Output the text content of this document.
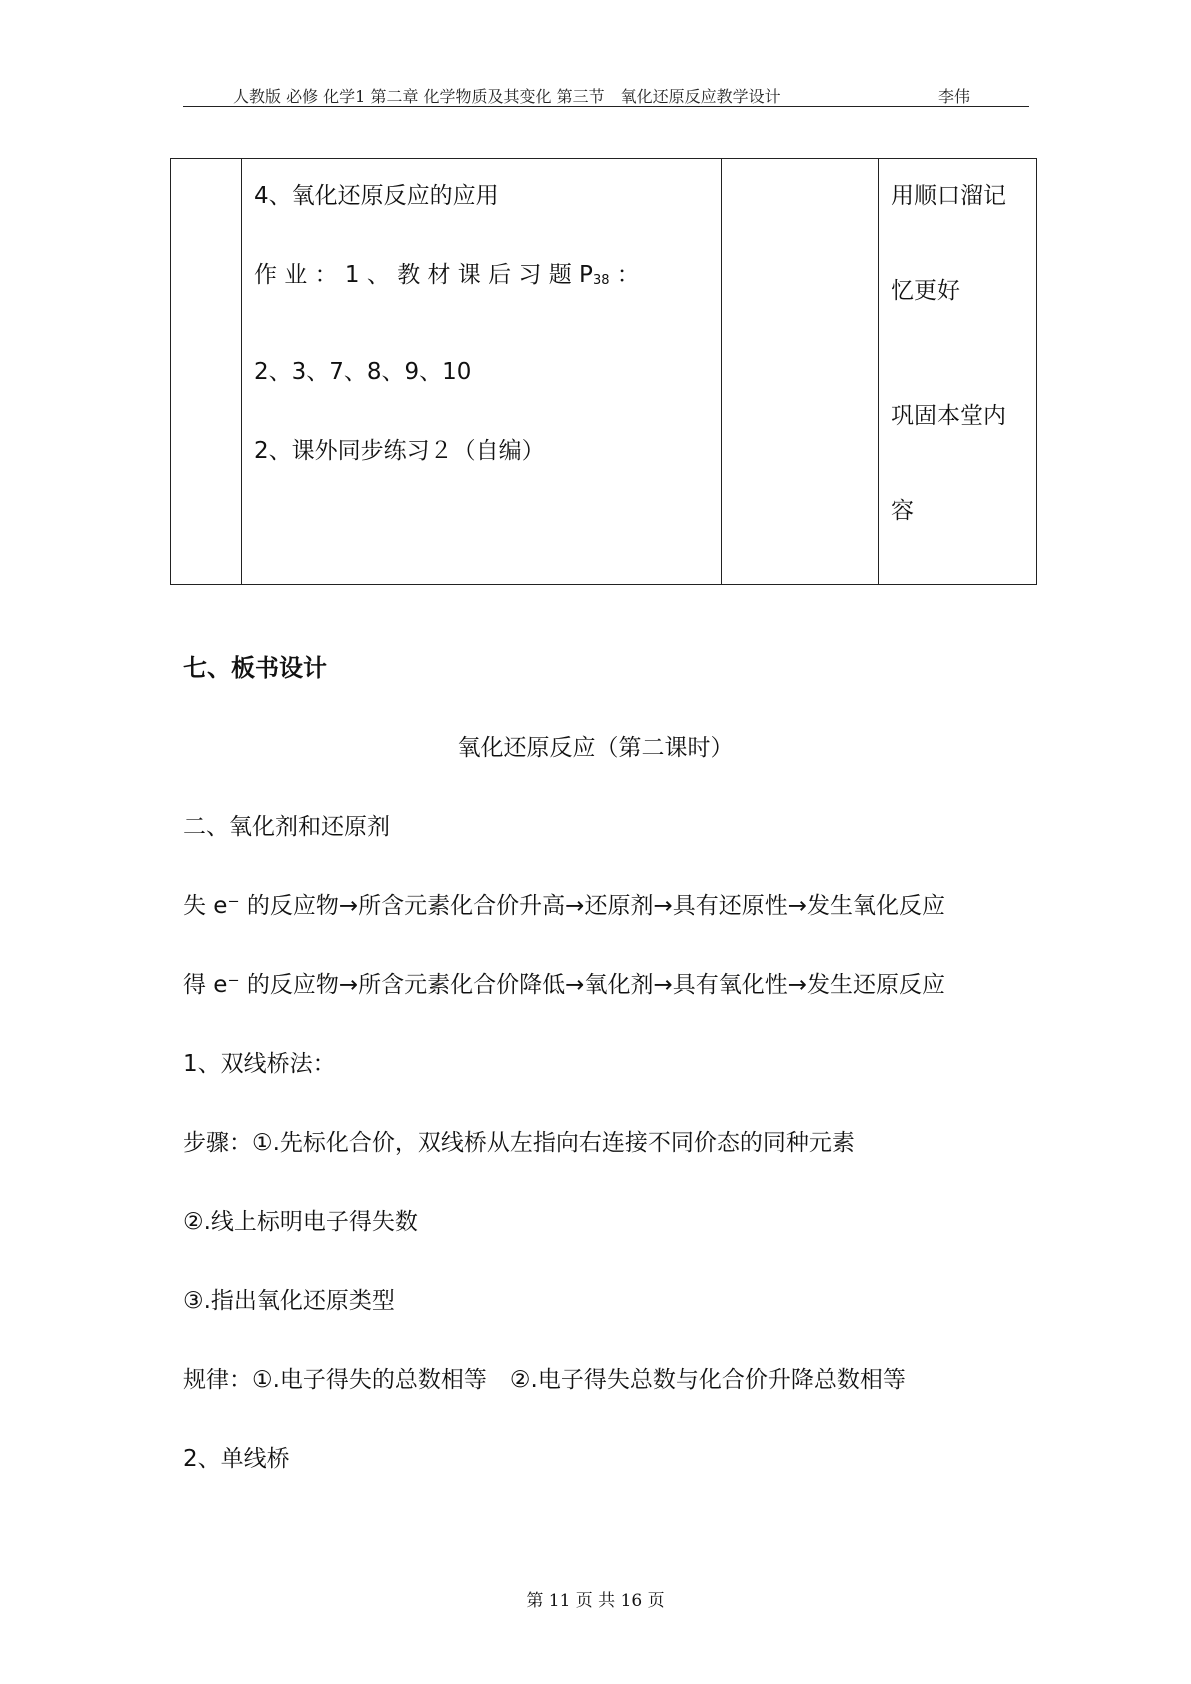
人教版 必修 化学1 第二章 化学物质及其变化 第三节　氧化还原反应教学设计	李伟
4、氧化还原反应的应用
作 业 ： 1 、 教 材 课 后 习 题 $P_{38}$ ：
2、3、7、8、9、10
2、课外同步练习２（自编）
用顺口溜记
忆更好
巩固本堂内
容
七、板书设计
氧化还原反应（第二课时）
二、氧化剂和还原剂
失 e⁻ 的反应物→所含元素化合价升高→还原剂→具有还原性→发生氧化反应
得 e⁻ 的反应物→所含元素化合价降低→氧化剂→具有氧化性→发生还原反应
1、双线桥法：
步骤：①.先标化合价，双线桥从左指向右连接不同价态的同种元素
②.线上标明电子得失数
③.指出氧化还原类型
规律：①.电子得失的总数相等　②.电子得失总数与化合价升降总数相等
2、单线桥
第 11 页 共 16 页
